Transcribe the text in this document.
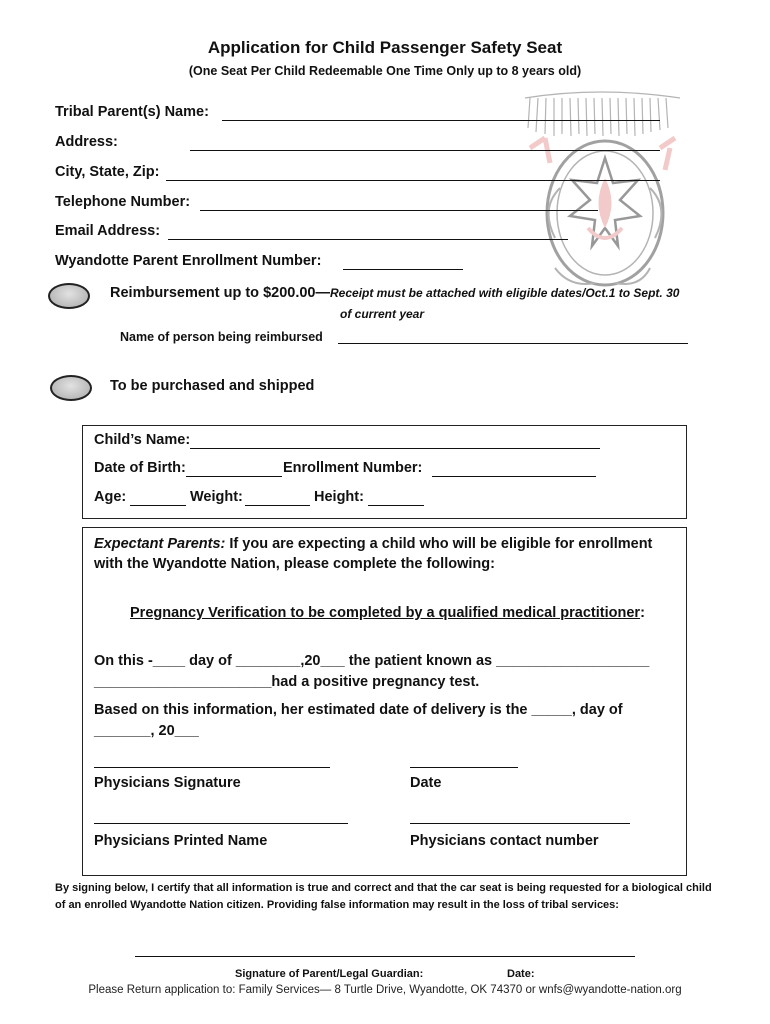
Application for Child Passenger Safety Seat
(One Seat Per Child Redeemable One Time Only up to 8 years old)
Tribal Parent(s) Name:
Address:
City, State, Zip:
Telephone Number:
Email Address:
Wyandotte Parent Enrollment Number:
Reimbursement up to $200.00—Receipt must be attached with eligible dates/Oct.1 to Sept. 30
of current year
Name of person being reimbursed
To be purchased and shipped
Child’s Name:
Date of Birth:	Enrollment Number:
Age:	Weight:	Height:
Expectant Parents: If you are expecting a child who will be eligible for enrollment
with the Wyandotte Nation, please complete the following:
Pregnancy Verification to be completed by a qualified medical practitioner:
On this -____ day of ________,20___ the patient known as ___________________
______________________had a positive pregnancy test.
Based on this information, her estimated date of delivery is the _____, day of
_______, 20___
Physicians Signature	Date
Physicians Printed Name	Physicians contact number
By signing below, I certify that all information is true and correct and that the car seat is being requested for a biological child
of an enrolled Wyandotte Nation citizen. Providing false information may result in the loss of tribal services:
Signature of Parent/Legal Guardian:	Date:
Please Return application to: Family Services— 8 Turtle Drive, Wyandotte, OK 74370 or wnfs@wyandotte-nation.org
